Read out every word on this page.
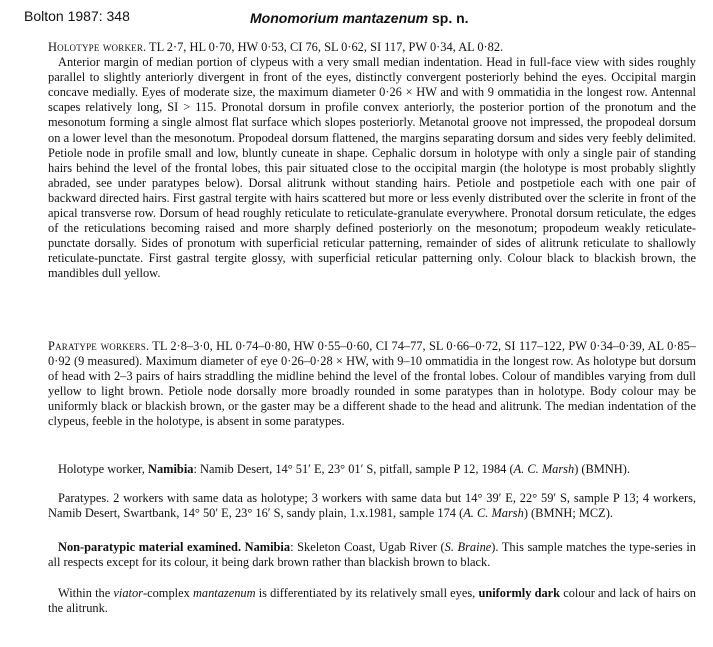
Bolton 1987: 348	Monomorium mantazenum sp. n.

Holotype worker. TL 2·7, HL 0·70, HW 0·53, CI 76, SL 0·62, SI 117, PW 0·34, AL 0·82.
Anterior margin of median portion of clypeus with a very small median indentation. Head in full-face view with sides roughly parallel to slightly anteriorly divergent in front of the eyes, distinctly convergent posteriorly behind the eyes. Occipital margin concave medially. Eyes of moderate size, the maximum diameter 0·26 × HW and with 9 ommatidia in the longest row. Antennal scapes relatively long, SI > 115. Pronotal dorsum in profile convex anteriorly, the posterior portion of the pronotum and the mesonotum forming a single almost flat surface which slopes posteriorly. Metanotal groove not impressed, the propodeal dorsum on a lower level than the mesonotum. Propodeal dorsum flattened, the margins separating dorsum and sides very feebly delimited. Petiole node in profile small and low, bluntly cuneate in shape. Cephalic dorsum in holotype with only a single pair of standing hairs behind the level of the frontal lobes, this pair situated close to the occipital margin (the holotype is most probably slightly abraded, see under paratypes below). Dorsal alitrunk without standing hairs. Petiole and postpetiole each with one pair of backward directed hairs. First gastral tergite with hairs scattered but more or less evenly distributed over the sclerite in front of the apical transverse row. Dorsum of head roughly reticulate to reticulate-granulate everywhere. Pronotal dorsum reticulate, the edges of the reticulations becoming raised and more sharply defined posteriorly on the mesonotum; propodeum weakly reticulate-punctate dorsally. Sides of pronotum with superficial reticular patterning, remainder of sides of alitrunk reticulate to shallowly reticulate-punctate. First gastral tergite glossy, with superficial reticular patterning only. Colour black to blackish brown, the mandibles dull yellow.

Paratype workers. TL 2·8–3·0, HL 0·74–0·80, HW 0·55–0·60, CI 74–77, SL 0·66–0·72, SI 117–122, PW 0·34–0·39, AL 0·85–0·92 (9 measured). Maximum diameter of eye 0·26–0·28 × HW, with 9–10 ommatidia in the longest row. As holotype but dorsum of head with 2–3 pairs of hairs straddling the midline behind the level of the frontal lobes. Colour of mandibles varying from dull yellow to light brown. Petiole node dorsally more broadly rounded in some paratypes than in holotype. Body colour may be uniformly black or blackish brown, or the gaster may be a different shade to the head and alitrunk. The median indentation of the clypeus, feeble in the holotype, is absent in some paratypes.

Holotype worker, Namibia: Namib Desert, 14° 51′ E, 23° 01′ S, pitfall, sample P 12, 1984 (A. C. Marsh) (BMNH).

Paratypes. 2 workers with same data as holotype; 3 workers with same data but 14° 39′ E, 22° 59′ S, sample P 13; 4 workers, Namib Desert, Swartbank, 14° 50′ E, 23° 16′ S, sandy plain, 1.x.1981, sample 174 (A. C. Marsh) (BMNH; MCZ).

Non-paratypic material examined. Namibia: Skeleton Coast, Ugab River (S. Braine). This sample matches the type-series in all respects except for its colour, it being dark brown rather than blackish brown to black.

Within the viator-complex mantazenum is differentiated by its relatively small eyes, uniformly dark colour and lack of hairs on the alitrunk.
